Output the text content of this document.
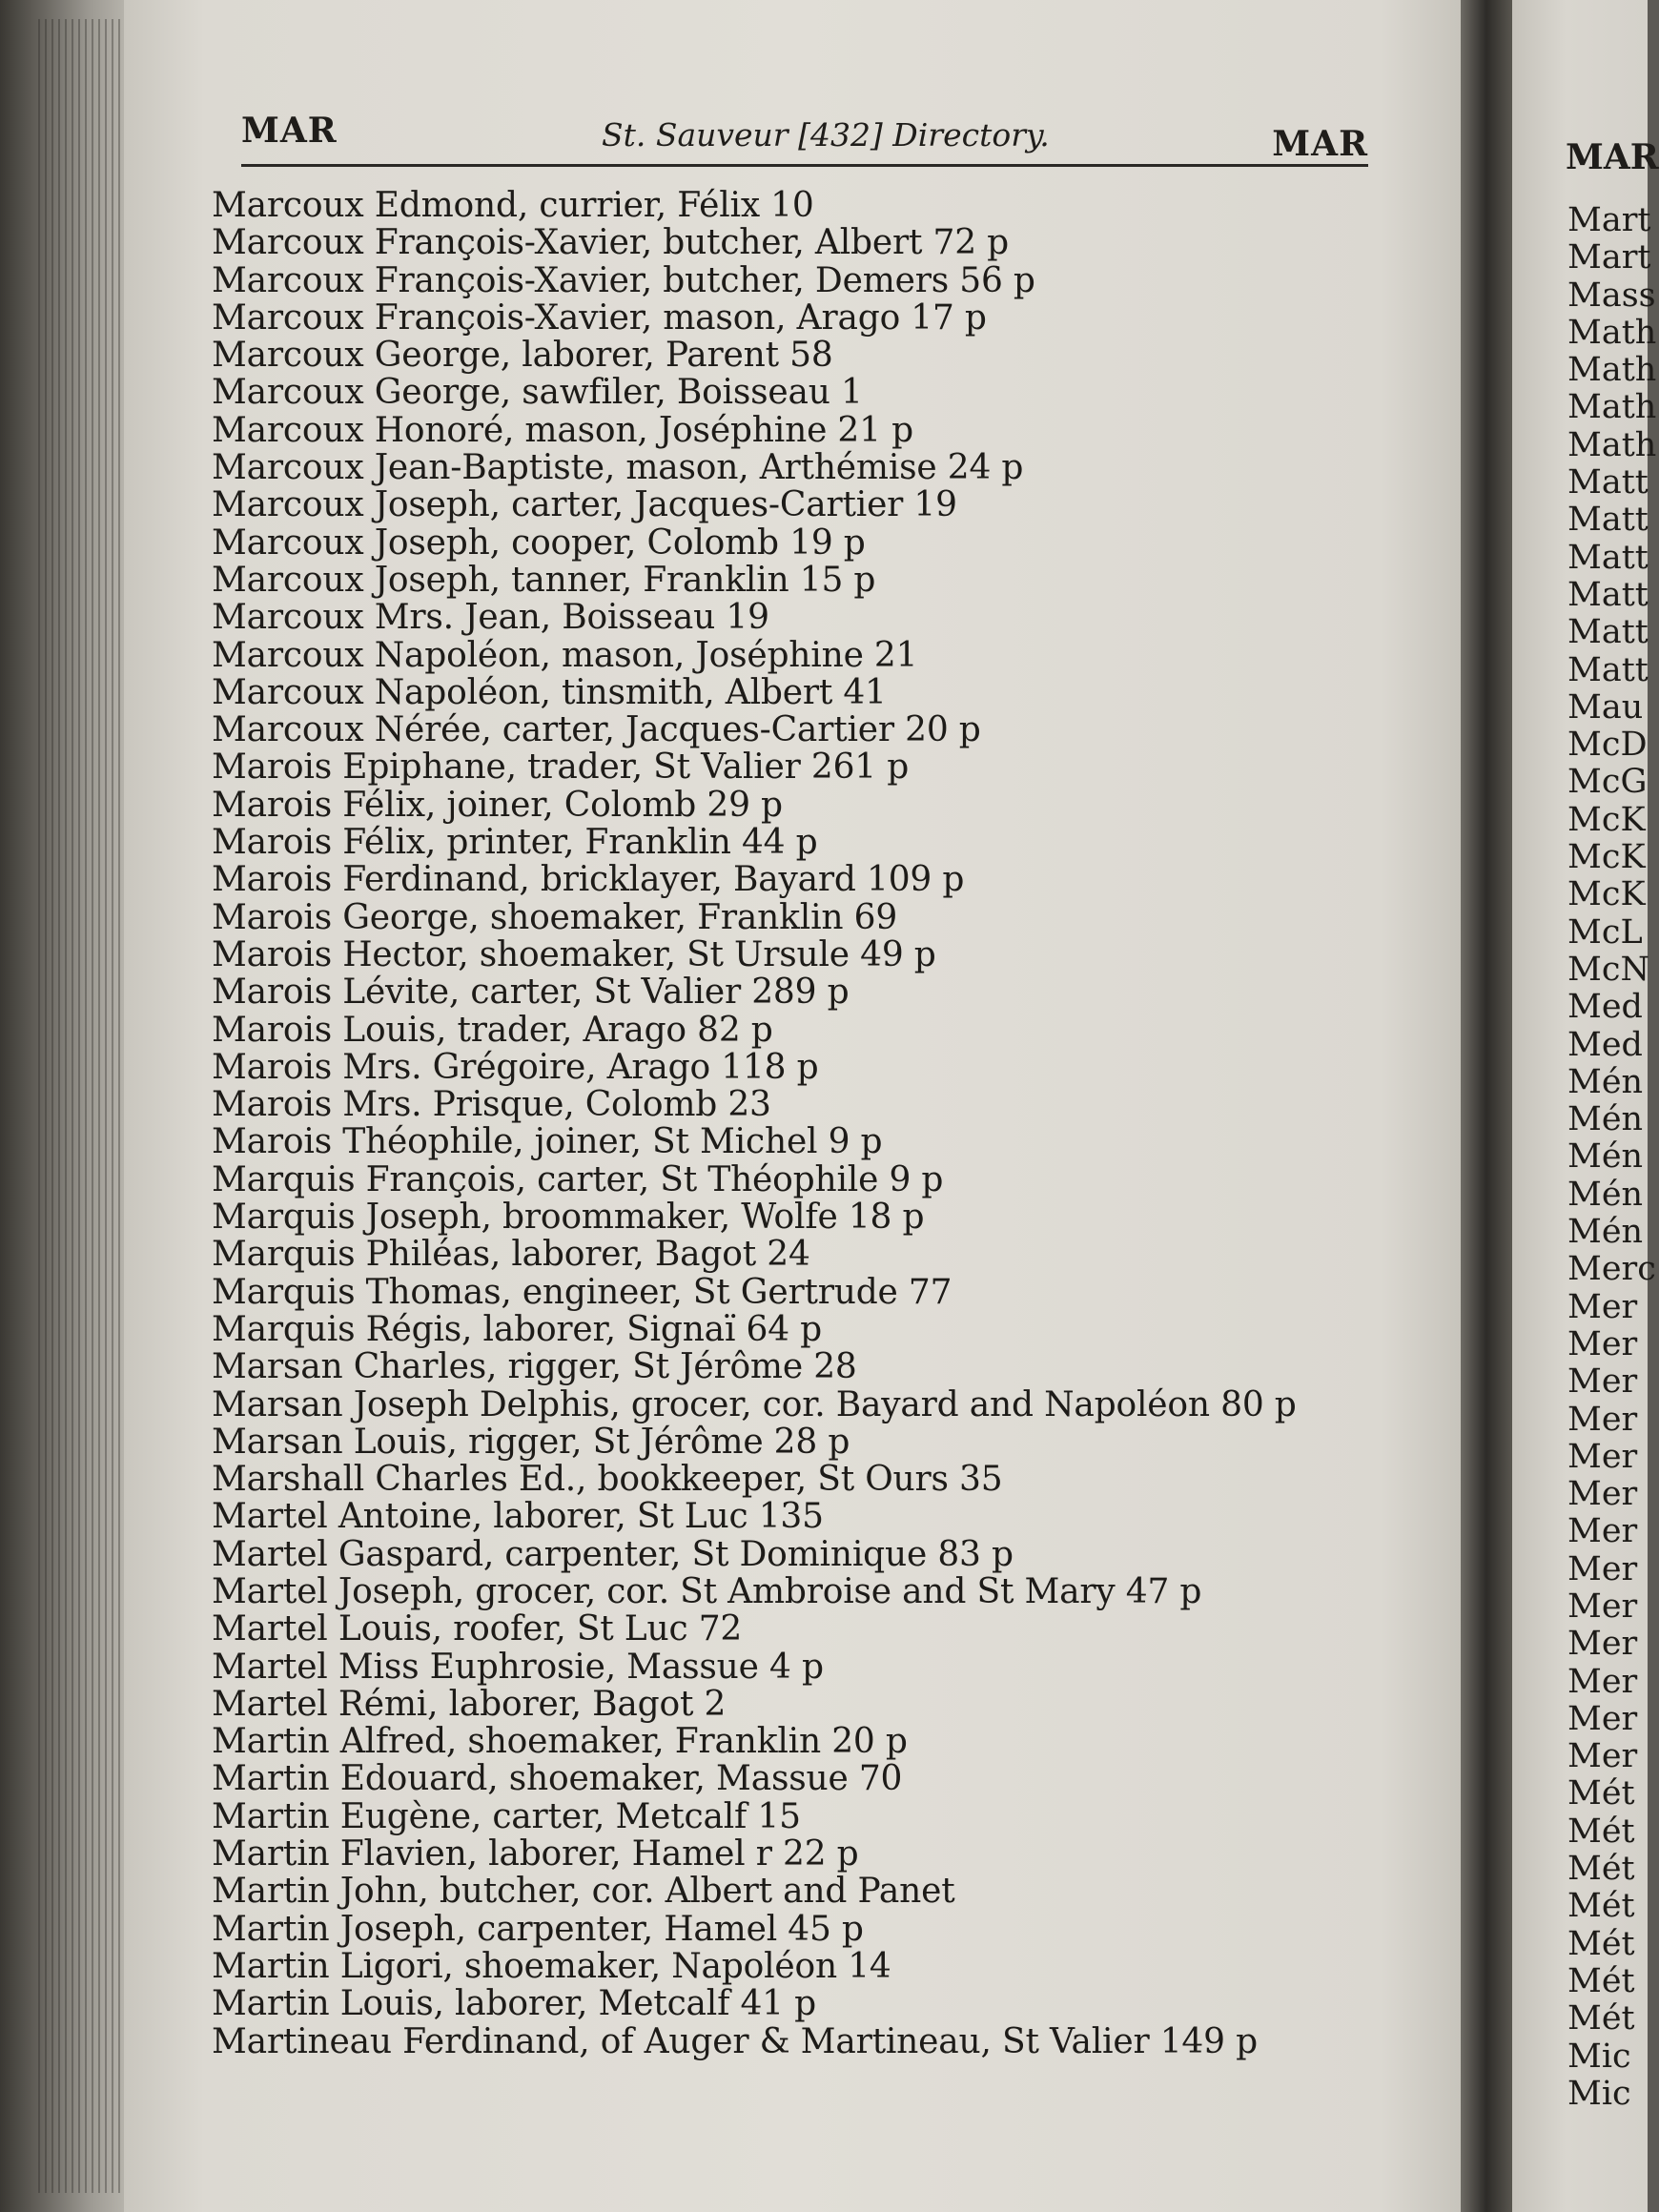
MAR	St. Sauveur [432] Directory.	MAR
Marcoux Edmond, currier, Félix 10
Marcoux François-Xavier, butcher, Albert 72 p
Marcoux François-Xavier, butcher, Demers 56 p
Marcoux François-Xavier, mason, Arago 17 p
Marcoux George, laborer, Parent 58
Marcoux George, sawfiler, Boisseau 1
Marcoux Honoré, mason, Joséphine 21 p
Marcoux Jean-Baptiste, mason, Arthémise 24 p
Marcoux Joseph, carter, Jacques-Cartier 19
Marcoux Joseph, cooper, Colomb 19 p
Marcoux Joseph, tanner, Franklin 15 p
Marcoux Mrs. Jean, Boisseau 19
Marcoux Napoléon, mason, Joséphine 21
Marcoux Napoléon, tinsmith, Albert 41
Marcoux Nérée, carter, Jacques-Cartier 20 p
Marois Epiphane, trader, St Valier 261 p
Marois Félix, joiner, Colomb 29 p
Marois Félix, printer, Franklin 44 p
Marois Ferdinand, bricklayer, Bayard 109 p
Marois George, shoemaker, Franklin 69
Marois Hector, shoemaker, St Ursule 49 p
Marois Lévite, carter, St Valier 289 p
Marois Louis, trader, Arago 82 p
Marois Mrs. Grégoire, Arago 118 p
Marois Mrs. Prisque, Colomb 23
Marois Théophile, joiner, St Michel 9 p
Marquis François, carter, St Théophile 9 p
Marquis Joseph, broommaker, Wolfe 18 p
Marquis Philéas, laborer, Bagot 24
Marquis Thomas, engineer, St Gertrude 77
Marquis Régis, laborer, Signaï 64 p
Marsan Charles, rigger, St Jérôme 28
Marsan Joseph Delphis, grocer, cor. Bayard and Napoléon 80 p
Marsan Louis, rigger, St Jérôme 28 p
Marshall Charles Ed., bookkeeper, St Ours 35
Martel Antoine, laborer, St Luc 135
Martel Gaspard, carpenter, St Dominique 83 p
Martel Joseph, grocer, cor. St Ambroise and St Mary 47 p
Martel Louis, roofer, St Luc 72
Martel Miss Euphrosie, Massue 4 p
Martel Rémi, laborer, Bagot 2
Martin Alfred, shoemaker, Franklin 20 p
Martin Edouard, shoemaker, Massue 70
Martin Eugène, carter, Metcalf 15
Martin Flavien, laborer, Hamel r 22 p
Martin John, butcher, cor. Albert and Panet
Martin Joseph, carpenter, Hamel 45 p
Martin Ligori, shoemaker, Napoléon 14
Martin Louis, laborer, Metcalf 41 p
Martineau Ferdinand, of Auger & Martineau, St Valier 149 p
MAR
Mart
Mart
Mass
Math
Math
Math
Math
Matt
Matt
Matt
Matt
Matt
Matt
Mau
McD
McG
McK
McK
McK
McL
McN
Med
Med
Mén
Mén
Mén
Mén
Mén
Merc
Mer
Mer
Mer
Mer
Mer
Mer
Mer
Mer
Mer
Mer
Mer
Mer
Mer
Mét
Mét
Mét
Mét
Mét
Mét
Mét
Mic
Mic
